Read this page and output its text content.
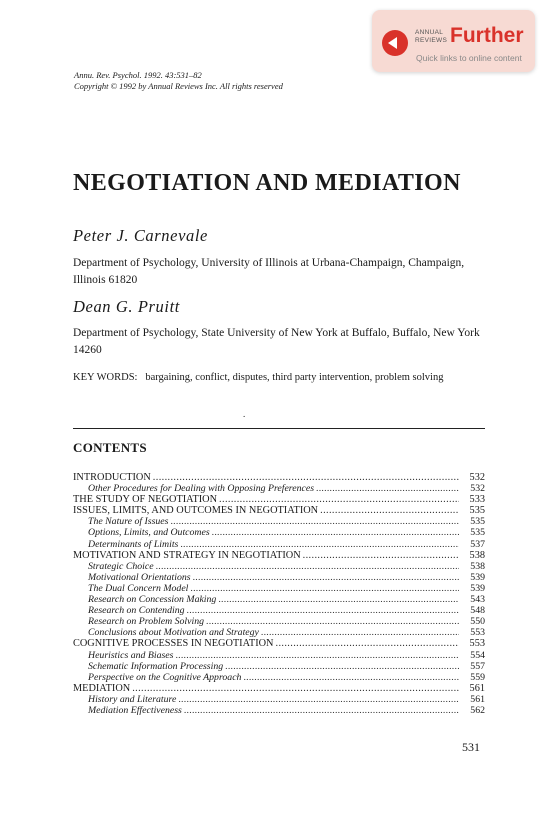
ANNUAL
REVIEWS Further
Quick links to online content
Annu. Rev. Psychol. 1992. 43:531–82
Copyright © 1992 by Annual Reviews Inc. All rights reserved
NEGOTIATION AND MEDIATION
Peter J. Carnevale
Department of Psychology, University of Illinois at Urbana-Champaign, Champaign, Illinois 61820
Dean G. Pruitt
Department of Psychology, State University of New York at Buffalo, Buffalo, New York 14260
KEY WORDS: bargaining, conflict, disputes, third party intervention, problem solving
.
CONTENTS
INTRODUCTION . . .	532
Other Procedures for Dealing with Opposing Preferences . . .	532
THE STUDY OF NEGOTIATION . . .	533
ISSUES, LIMITS, AND OUTCOMES IN NEGOTIATION . . .	535
The Nature of Issues . . .	535
Options, Limits, and Outcomes . . .	535
Determinants of Limits . . .	537
MOTIVATION AND STRATEGY IN NEGOTIATION . . .	538
Strategic Choice . . .	538
Motivational Orientations . . .	539
The Dual Concern Model . . .	539
Research on Concession Making . . .	543
Research on Contending . . .	548
Research on Problem Solving . . .	550
Conclusions about Motivation and Strategy . . .	553
COGNITIVE PROCESSES IN NEGOTIATION . . .	553
Heuristics and Biases . . .	554
Schematic Information Processing . . .	557
Perspective on the Cognitive Approach . . .	559
MEDIATION . . .	561
History and Literature . . .	561
Mediation Effectiveness . . .	562
531
